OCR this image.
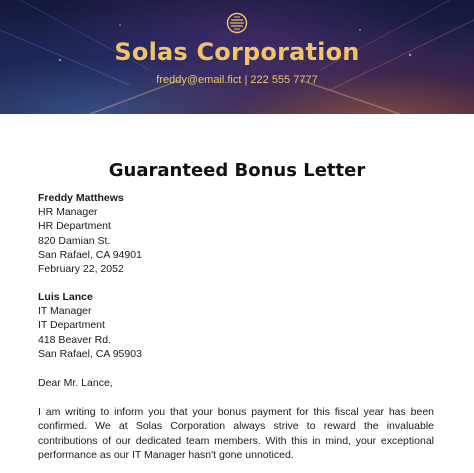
Solas Corporation
freddy@email.fict | 222 555 7777
Guaranteed Bonus Letter
Freddy Matthews
HR Manager
HR Department
820 Damian St.
San Rafael, CA 94901
February 22, 2052
Luis Lance
IT Manager
IT Department
418 Beaver Rd.
San Rafael, CA 95903
Dear Mr. Lance,
I am writing to inform you that your bonus payment for this fiscal year has been confirmed. We at Solas Corporation always strive to reward the invaluable contributions of our dedicated team members. With this in mind, your exceptional performance as our IT Manager hasn't gone unnoticed.
